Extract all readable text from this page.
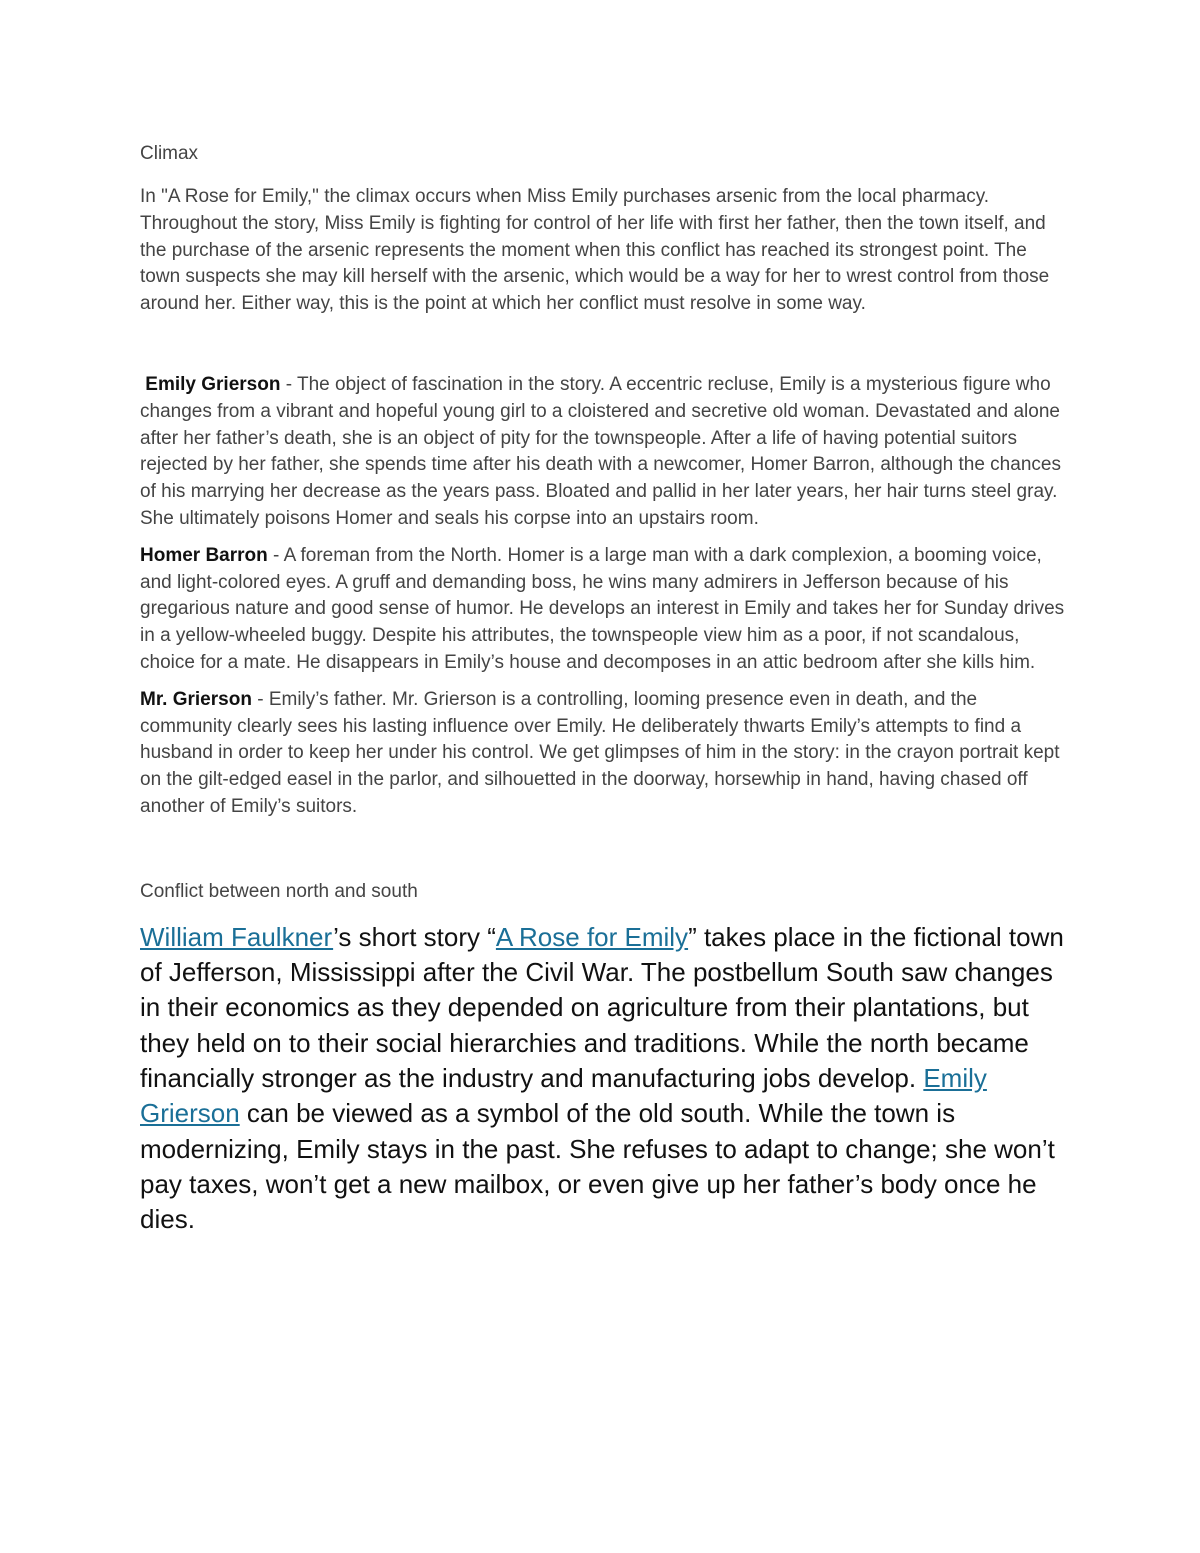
Climax

In "A Rose for Emily," the climax occurs when Miss Emily purchases arsenic from the local pharmacy. Throughout the story, Miss Emily is fighting for control of her life with first her father, then the town itself, and the purchase of the arsenic represents the moment when this conflict has reached its strongest point. The town suspects she may kill herself with the arsenic, which would be a way for her to wrest control from those around her. Either way, this is the point at which her conflict must resolve in some way.

Emily Grierson - The object of fascination in the story. A eccentric recluse, Emily is a mysterious figure who changes from a vibrant and hopeful young girl to a cloistered and secretive old woman. Devastated and alone after her father’s death, she is an object of pity for the townspeople. After a life of having potential suitors rejected by her father, she spends time after his death with a newcomer, Homer Barron, although the chances of his marrying her decrease as the years pass. Bloated and pallid in her later years, her hair turns steel gray. She ultimately poisons Homer and seals his corpse into an upstairs room.

Homer Barron - A foreman from the North. Homer is a large man with a dark complexion, a booming voice, and light-colored eyes. A gruff and demanding boss, he wins many admirers in Jefferson because of his gregarious nature and good sense of humor. He develops an interest in Emily and takes her for Sunday drives in a yellow-wheeled buggy. Despite his attributes, the townspeople view him as a poor, if not scandalous, choice for a mate. He disappears in Emily’s house and decomposes in an attic bedroom after she kills him.

Mr. Grierson - Emily’s father. Mr. Grierson is a controlling, looming presence even in death, and the community clearly sees his lasting influence over Emily. He deliberately thwarts Emily’s attempts to find a husband in order to keep her under his control. We get glimpses of him in the story: in the crayon portrait kept on the gilt-edged easel in the parlor, and silhouetted in the doorway, horsewhip in hand, having chased off another of Emily’s suitors.

Conflict between north and south

William Faulkner’s short story “A Rose for Emily” takes place in the fictional town of Jefferson, Mississippi after the Civil War. The postbellum South saw changes in their economics as they depended on agriculture from their plantations, but they held on to their social hierarchies and traditions. While the north became financially stronger as the industry and manufacturing jobs develop. Emily Grierson can be viewed as a symbol of the old south. While the town is modernizing, Emily stays in the past. She refuses to adapt to change; she won’t pay taxes, won’t get a new mailbox, or even give up her father’s body once he dies.
